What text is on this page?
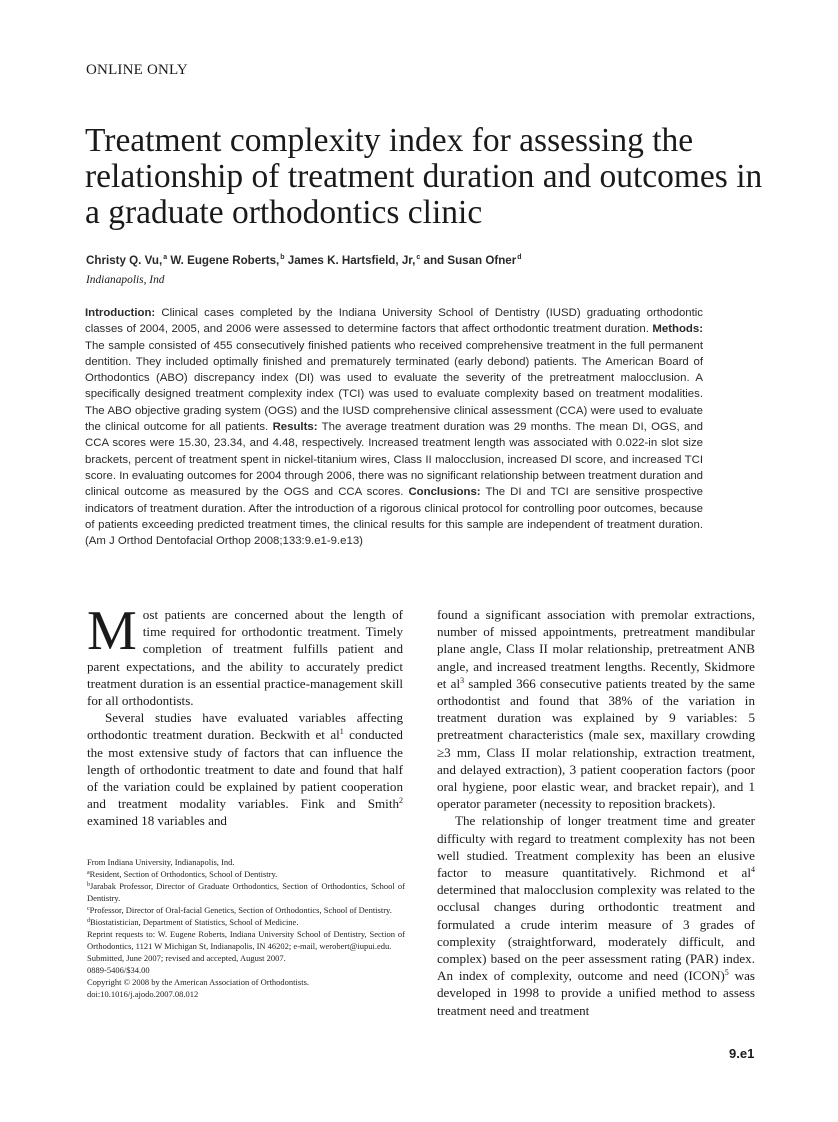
ONLINE ONLY
Treatment complexity index for assessing the relationship of treatment duration and outcomes in a graduate orthodontics clinic
Christy Q. Vu,$^a$ W. Eugene Roberts,$^b$ James K. Hartsfield, Jr,$^c$ and Susan Ofner$^d$
Indianapolis, Ind

Introduction: Clinical cases completed by the Indiana University School of Dentistry (IUSD) graduating orthodontic classes of 2004, 2005, and 2006 were assessed to determine factors that affect orthodontic treatment duration. Methods: The sample consisted of 455 consecutively finished patients who received comprehensive treatment in the full permanent dentition. They included optimally finished and prematurely terminated (early debond) patients. The American Board of Orthodontics (ABO) discrepancy index (DI) was used to evaluate the severity of the pretreatment malocclusion. A specifically designed treatment complexity index (TCI) was used to evaluate complexity based on treatment modalities. The ABO objective grading system (OGS) and the IUSD comprehensive clinical assessment (CCA) were used to evaluate the clinical outcome for all patients. Results: The average treatment duration was 29 months. The mean DI, OGS, and CCA scores were 15.30, 23.34, and 4.48, respectively. Increased treatment length was associated with 0.022-in slot size brackets, percent of treatment spent in nickel-titanium wires, Class II malocclusion, increased DI score, and increased TCI score. In evaluating outcomes for 2004 through 2006, there was no significant relationship between treatment duration and clinical outcome as measured by the OGS and CCA scores. Conclusions: The DI and TCI are sensitive prospective indicators of treatment duration. After the introduction of a rigorous clinical protocol for controlling poor outcomes, because of patients exceeding predicted treatment times, the clinical results for this sample are independent of treatment duration. (Am J Orthod Dentofacial Orthop 2008;133:9.e1-9.e13)

Most patients are concerned about the length of time required for orthodontic treatment. Timely completion of treatment fulfills patient and parent expectations, and the ability to accurately predict treatment duration is an essential practice-management skill for all orthodontists.

Several studies have evaluated variables affecting orthodontic treatment duration. Beckwith et $al^1$ conducted the most extensive study of factors that can influence the length of orthodontic treatment to date and found that half of the variation could be explained by patient cooperation and treatment modality variables. Fink and Smith$^2$ examined 18 variables and

found a significant association with premolar extractions, number of missed appointments, pretreatment mandibular plane angle, Class II molar relationship, pretreatment ANB angle, and increased treatment lengths. Recently, Skidmore et $al^3$ sampled 366 consecutive patients treated by the same orthodontist and found that 38% of the variation in treatment duration was explained by 9 variables: 5 pretreatment characteristics (male sex, maxillary crowding ≥3 mm, Class II molar relationship, extraction treatment, and delayed extraction), 3 patient cooperation factors (poor oral hygiene, poor elastic wear, and bracket repair), and 1 operator parameter (necessity to reposition brackets).

The relationship of longer treatment time and greater difficulty with regard to treatment complexity has not been well studied. Treatment complexity has been an elusive factor to measure quantitatively. Richmond et $al^4$ determined that malocclusion complexity was related to the occlusal changes during orthodontic treatment and formulated a crude interim measure of 3 grades of complexity (straightforward, moderately difficult, and complex) based on the peer assessment rating (PAR) index. An index of complexity, outcome and need (ICON)$^5$ was developed in 1998 to provide a unified method to assess treatment need and treatment

From Indiana University, Indianapolis, Ind.
$^a$Resident, Section of Orthodontics, School of Dentistry.
$^b$Jarabak Professor, Director of Graduate Orthodontics, Section of Orthodontics, School of Dentistry.
$^c$Professor, Director of Oral-facial Genetics, Section of Orthodontics, School of Dentistry.
$^d$Biostatistician, Department of Statistics, School of Medicine.
Reprint requests to: W. Eugene Roberts, Indiana University School of Dentistry, Section of Orthodontics, 1121 W Michigan St, Indianapolis, IN 46202; e-mail, werobert@iupui.edu.
Submitted, June 2007; revised and accepted, August 2007.
0889-5406/$34.00
Copyright © 2008 by the American Association of Orthodontists.
doi:10.1016/j.ajodo.2007.08.012
9.e1
